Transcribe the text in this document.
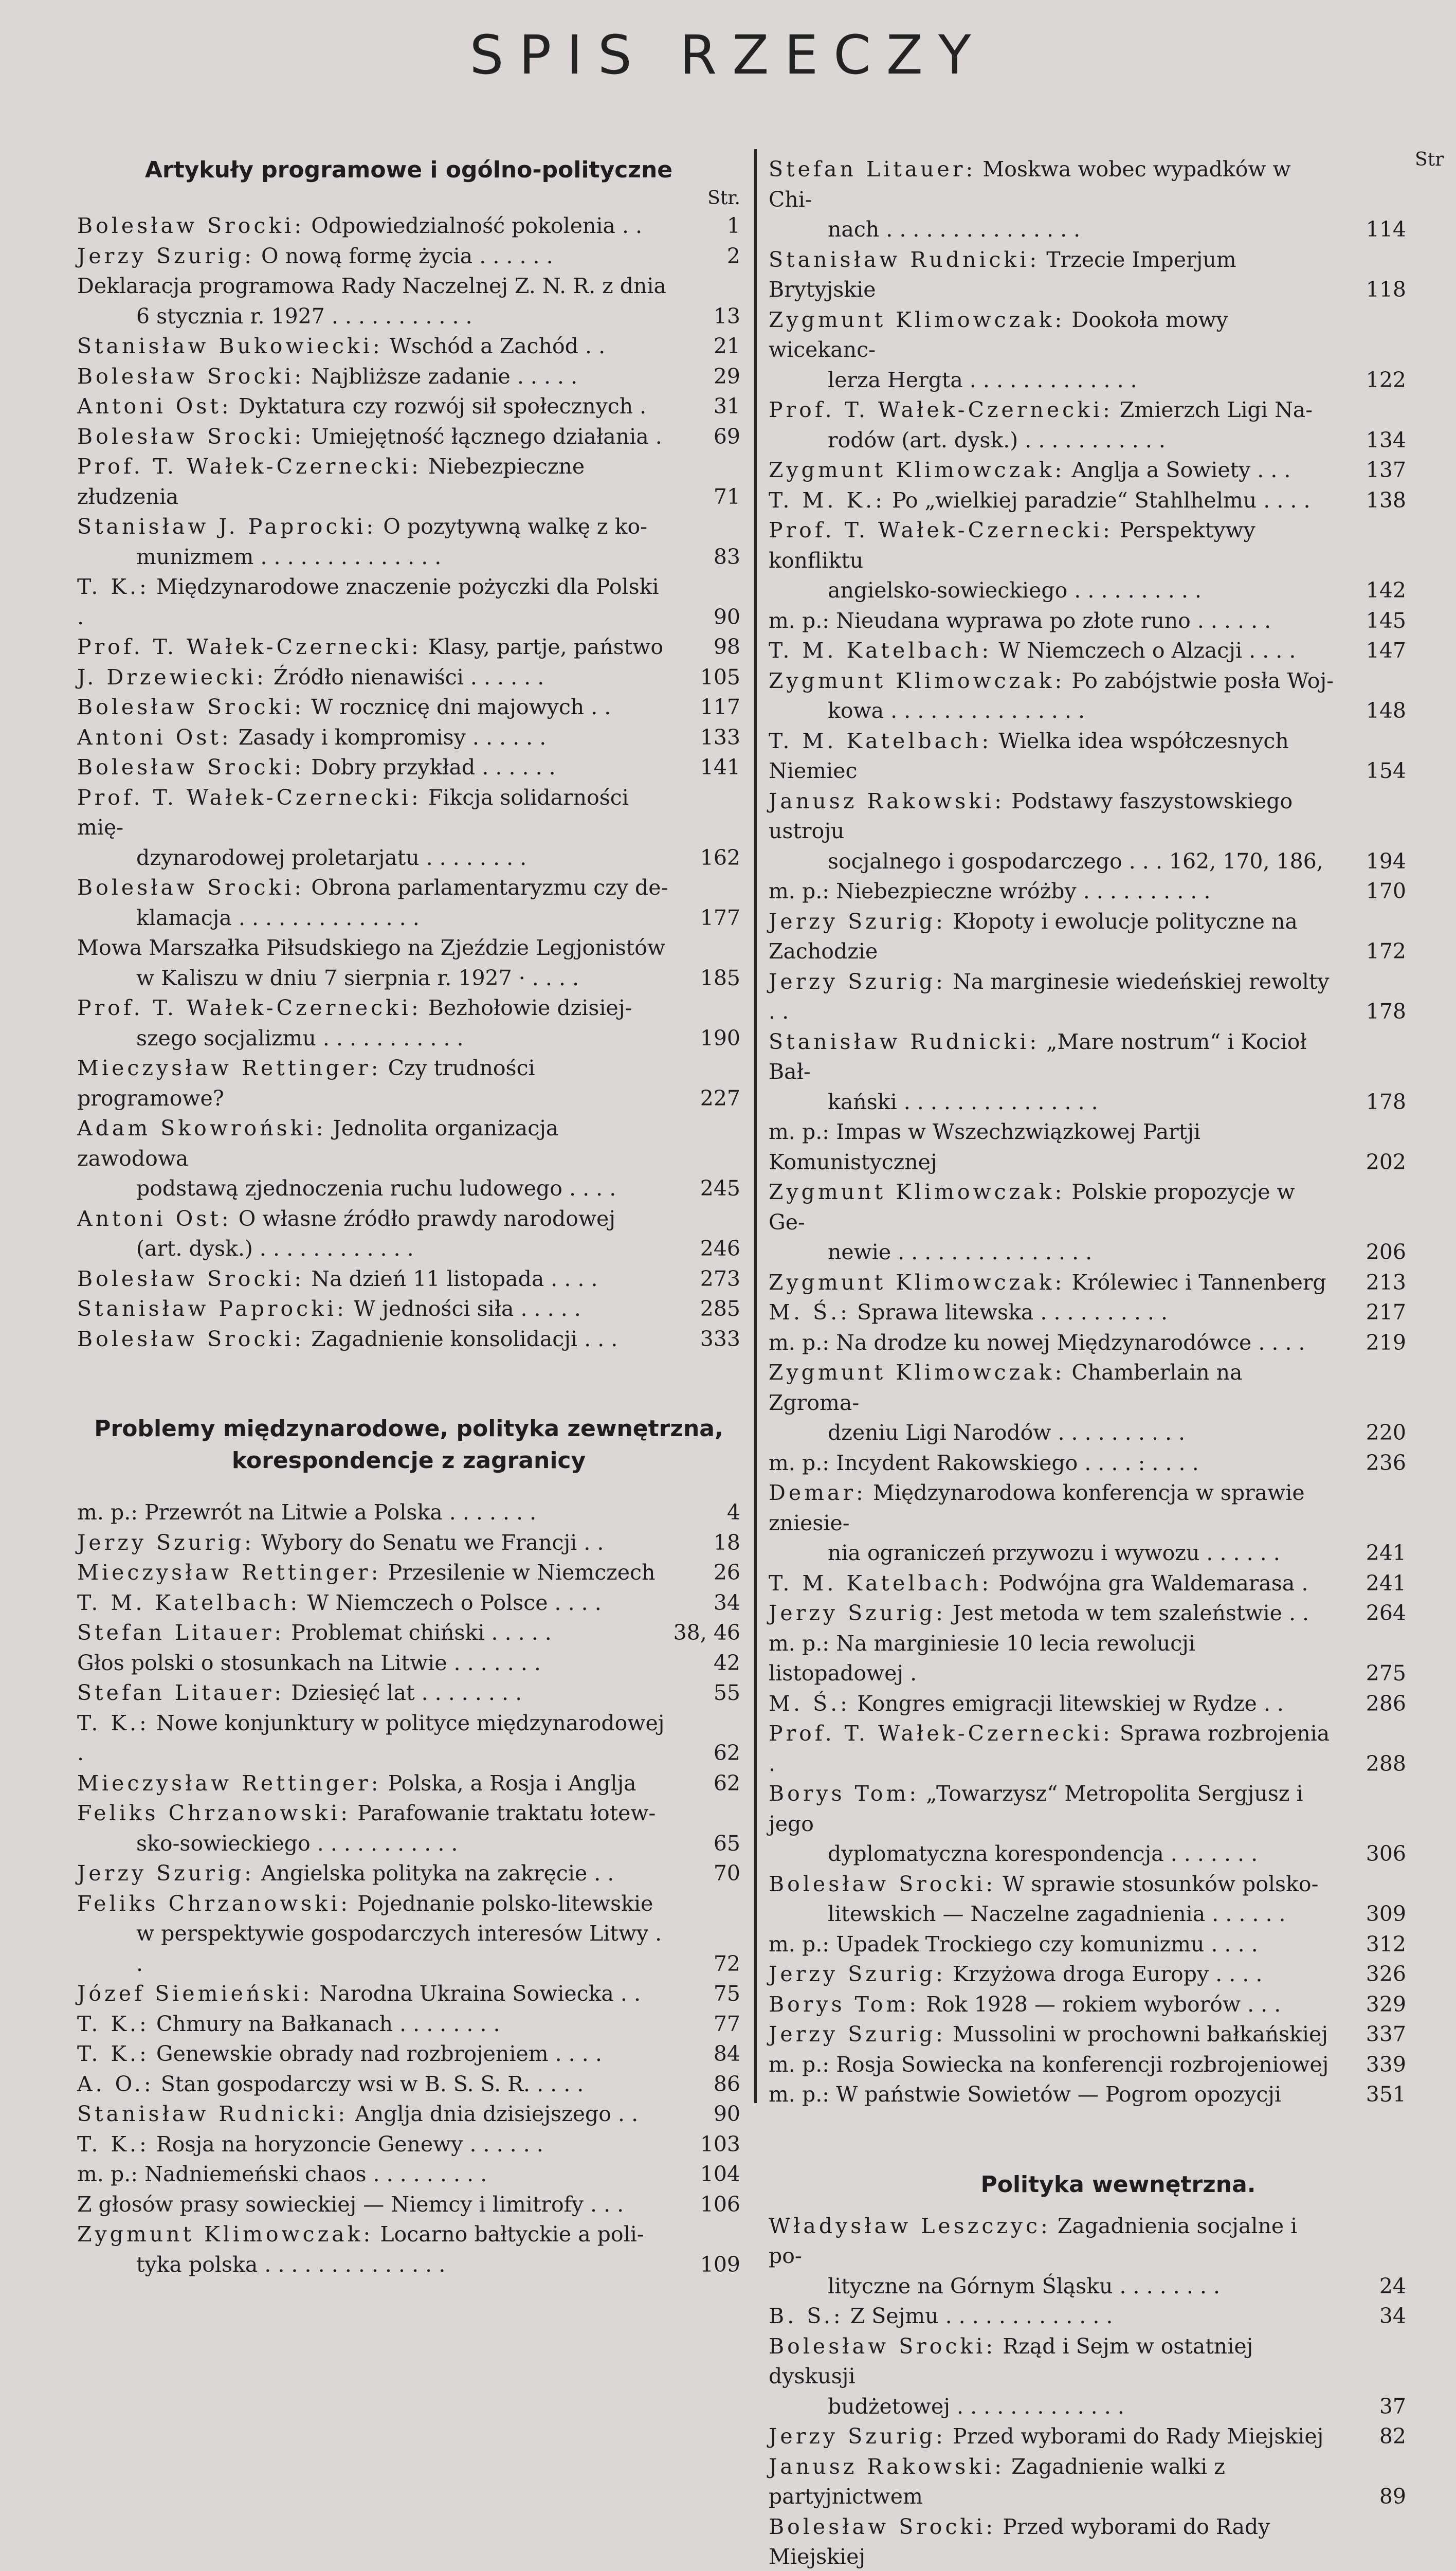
SPIS RZECZY
Artykuły programowe i ogólno-polityczne
Str.
Bolesław Srocki: Odpowiedzialność pokolenia . .	1
Jerzy Szurig: O nową formę życia . . . . . .	2
Deklaracja programowa Rady Naczelnej Z. N. R. z dnia
6 stycznia r. 1927 . . . . . . . . . . .	13
Stanisław Bukowiecki: Wschód a Zachód . .	21
Bolesław Srocki: Najbliższe zadanie . . . . .	29
Antoni Ost: Dyktatura czy rozwój sił społecznych .	31
Bolesław Srocki: Umiejętność łącznego działania .	69
Prof. T. Wałek-Czernecki: Niebezpieczne złudzenia	71
Stanisław J. Paprocki: O pozytywną walkę z ko-
munizmem . . . . . . . . . . . . . .	83
T. K.: Międzynarodowe znaczenie pożyczki dla Polski .	90
Prof. T. Wałek-Czernecki: Klasy, partje, państwo	98
J. Drzewiecki: Źródło nienawiści . . . . . .	105
Bolesław Srocki: W rocznicę dni majowych . .	117
Antoni Ost: Zasady i kompromisy . . . . . .	133
Bolesław Srocki: Dobry przykład . . . . . .	141
Prof. T. Wałek-Czernecki: Fikcja solidarności mię-
dzynarodowej proletarjatu . . . . . . . .	162
Bolesław Srocki: Obrona parlamentaryzmu czy de-
klamacja . . . . . . . . . . . . . .	177
Mowa Marszałka Piłsudskiego na Zjeździe Legjonistów
w Kaliszu w dniu 7 sierpnia r. 1927 · . . . .	185
Prof. T. Wałek-Czernecki: Bezhołowie dzisiej-
szego socjalizmu . . . . . . . . . . .	190
Mieczysław Rettinger: Czy trudności programowe?	227
Adam Skowroński: Jednolita organizacja zawodowa
podstawą zjednoczenia ruchu ludowego . . . .	245
Antoni Ost: O własne źródło prawdy narodowej
(art. dysk.) . . . . . . . . . . . .	246
Bolesław Srocki: Na dzień 11 listopada . . . .	273
Stanisław Paprocki: W jedności siła . . . . .	285
Bolesław Srocki: Zagadnienie konsolidacji . . .	333
Problemy międzynarodowe, polityka zewnętrzna,
korespondencje z zagranicy
m. p.: Przewrót na Litwie a Polska . . . . . . .	4
Jerzy Szurig: Wybory do Senatu we Francji . .	18
Mieczysław Rettinger: Przesilenie w Niemczech	26
T. M. Katelbach: W Niemczech o Polsce . . . .	34
Stefan Litauer: Problemat chiński . . . . .	38, 46
Głos polski o stosunkach na Litwie . . . . . . .	42
Stefan Litauer: Dziesięć lat . . . . . . . .	55
T. K.: Nowe konjunktury w polityce międzynarodowej .	62
Mieczysław Rettinger: Polska, a Rosja i Anglja	62
Feliks Chrzanowski: Parafowanie traktatu łotew-
sko-sowieckiego . . . . . . . . . . .	65
Jerzy Szurig: Angielska polityka na zakręcie . .	70
Feliks Chrzanowski: Pojednanie polsko-litewskie
w perspektywie gospodarczych interesów Litwy . .	72
Józef Siemieński: Narodna Ukraina Sowiecka . .	75
T. K.: Chmury na Bałkanach . . . . . . . .	77
T. K.: Genewskie obrady nad rozbrojeniem . . . .	84
A. O.: Stan gospodarczy wsi w B. S. S. R. . . . .	86
Stanisław Rudnicki: Anglja dnia dzisiejszego . .	90
T. K.: Rosja na horyzoncie Genewy . . . . . .	103
m. p.: Nadniemeński chaos . . . . . . . . .	104
Z głosów prasy sowieckiej — Niemcy i limitrofy . . .	106
Zygmunt Klimowczak: Locarno bałtyckie a poli-
tyka polska . . . . . . . . . . . . . .	109
Stefan Litauer: Moskwa wobec wypadków w Chi-
nach . . . . . . . . . . . . . . .	114
Stanisław Rudnicki: Trzecie Imperjum Brytyjskie	118
Zygmunt Klimowczak: Dookoła mowy wicekanc-
lerza Hergta . . . . . . . . . . . . .	122
Prof. T. Wałek-Czernecki: Zmierzch Ligi Na-
rodów (art. dysk.) . . . . . . . . . . .	134
Zygmunt Klimowczak: Anglja a Sowiety . . .	137
T. M. K.: Po „wielkiej paradzie“ Stahlhelmu . . . .	138
Prof. T. Wałek-Czernecki: Perspektywy konfliktu
angielsko-sowieckiego . . . . . . . . . .	142
m. p.: Nieudana wyprawa po złote runo . . . . . .	145
T. M. Katelbach: W Niemczech o Alzacji . . . .	147
Zygmunt Klimowczak: Po zabójstwie posła Woj-
kowa . . . . . . . . . . . . . . .	148
T. M. Katelbach: Wielka idea współczesnych Niemiec	154
Janusz Rakowski: Podstawy faszystowskiego ustroju
socjalnego i gospodarczego . . . 162, 170, 186,	194
m. p.: Niebezpieczne wróżby . . . . . . . . . .	170
Jerzy Szurig: Kłopoty i ewolucje polityczne na Zachodzie	172
Jerzy Szurig: Na marginesie wiedeńskiej rewolty . .	178
Stanisław Rudnicki: „Mare nostrum“ i Kocioł Bał-
kański . . . . . . . . . . . . . . .	178
m. p.: Impas w Wszechzwiązkowej Partji Komunistycznej	202
Zygmunt Klimowczak: Polskie propozycje w Ge-
newie . . . . . . . . . . . . . . .	206
Zygmunt Klimowczak: Królewiec i Tannenberg	213
M. Ś.: Sprawa litewska . . . . . . . . . .	217
m. p.: Na drodze ku nowej Międzynarodówce . . . .	219
Zygmunt Klimowczak: Chamberlain na Zgroma-
dzeniu Ligi Narodów . . . . . . . . . .	220
m. p.: Incydent Rakowskiego . . . . : . . . .	236
Demar: Międzynarodowa konferencja w sprawie zniesie-
nia ograniczeń przywozu i wywozu . . . . . .	241
T. M. Katelbach: Podwójna gra Waldemarasa .	241
Jerzy Szurig: Jest metoda w tem szaleństwie . .	264
m. p.: Na marginiesie 10 lecia rewolucji listopadowej .	275
M. Ś.: Kongres emigracji litewskiej w Rydze . .	286
Prof. T. Wałek-Czernecki: Sprawa rozbrojenia .	288
Borys Tom: „Towarzysz“ Metropolita Sergjusz i jego
dyplomatyczna korespondencja . . . . . . .	306
Bolesław Srocki: W sprawie stosunków polsko-
litewskich — Naczelne zagadnienia . . . . . .	309
m. p.: Upadek Trockiego czy komunizmu . . . .	312
Jerzy Szurig: Krzyżowa droga Europy . . . .	326
Borys Tom: Rok 1928 — rokiem wyborów . . .	329
Jerzy Szurig: Mussolini w prochowni bałkańskiej	337
m. p.: Rosja Sowiecka na konferencji rozbrojeniowej	339
m. p.: W państwie Sowietów — Pogrom opozycji	351
Polityka wewnętrzna.
Władysław Leszczyc: Zagadnienia socjalne i po-
lityczne na Górnym Śląsku . . . . . . . .	24
B. S.: Z Sejmu . . . . . . . . . . . . .	34
Bolesław Srocki: Rząd i Sejm w ostatniej dyskusji
budżetowej . . . . . . . . . . . . .	37
Jerzy Szurig: Przed wyborami do Rady Miejskiej	82
Janusz Rakowski: Zagadnienie walki z partyjnictwem	89
Bolesław Srocki: Przed wyborami do Rady Miejskiej
Str
